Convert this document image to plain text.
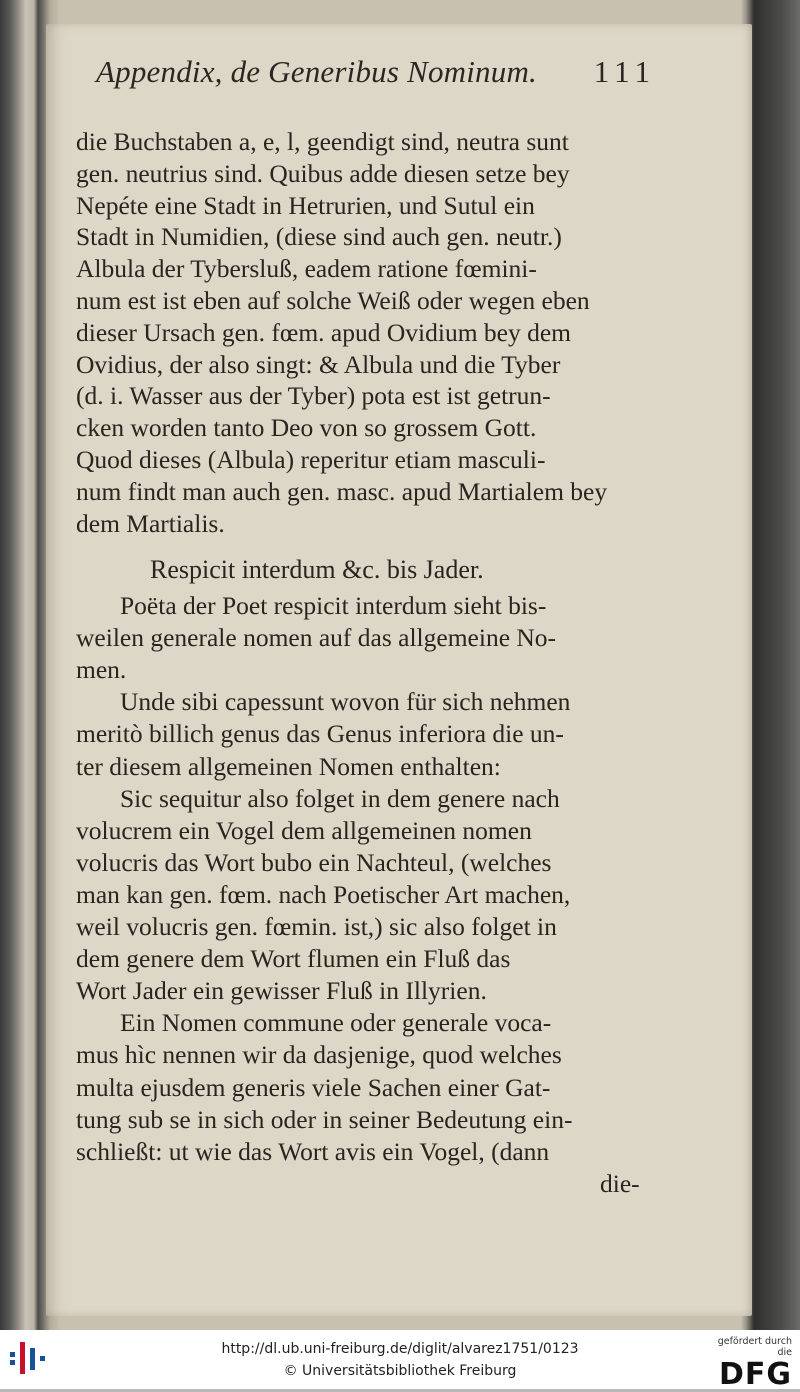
Appendix, de Generibus Nominum. 111
die Buchstaben a, e, l, geendigt sind, neutra sunt
gen. neutrius sind. Quibus adde diesen setze bey
Nepéte eine Stadt in Hetrurien, und Sutul ein
Stadt in Numidien, (diese sind auch gen. neutr.)
Albula der Tybersluß, eadem ratione fœmini-
num est ist eben auf solche Weiß oder wegen eben
dieser Ursach gen. fœm. apud Ovidium bey dem
Ovidius, der also singt: & Albula und die Tyber
(d. i. Wasser aus der Tyber) pota est ist getrun-
cken worden tanto Deo von so grossem Gott.
Quod dieses (Albula) reperitur etiam masculi-
num findt man auch gen. masc. apud Martialem bey
dem Martialis.
Respicit interdum &c. bis Jader.
Poëta der Poet respicit interdum sieht bis-
weilen generale nomen auf das allgemeine No-
men.
Unde sibi capessunt wovon für sich nehmen
meritò billich genus das Genus inferiora die un-
ter diesem allgemeinen Nomen enthalten:
Sic sequitur also folget in dem genere nach
volucrem ein Vogel dem allgemeinen nomen
volucris das Wort bubo ein Nachteul, (welches
man kan gen. fœm. nach Poetischer Art machen,
weil volucris gen. fœmin. ist,) sic also folget in
dem genere dem Wort flumen ein Fluß das
Wort Jader ein gewisser Fluß in Illyrien.
Ein Nomen commune oder generale voca-
mus hìc nennen wir da dasjenige, quod welches
multa ejusdem generis viele Sachen einer Gat-
tung sub se in sich oder in seiner Bedeutung ein-
schließt: ut wie das Wort avis ein Vogel, (dann
die-
http://dl.ub.uni-freiburg.de/diglit/alvarez1751/0123
© Universitätsbibliothek Freiburg
gefördert durch die
DFG
